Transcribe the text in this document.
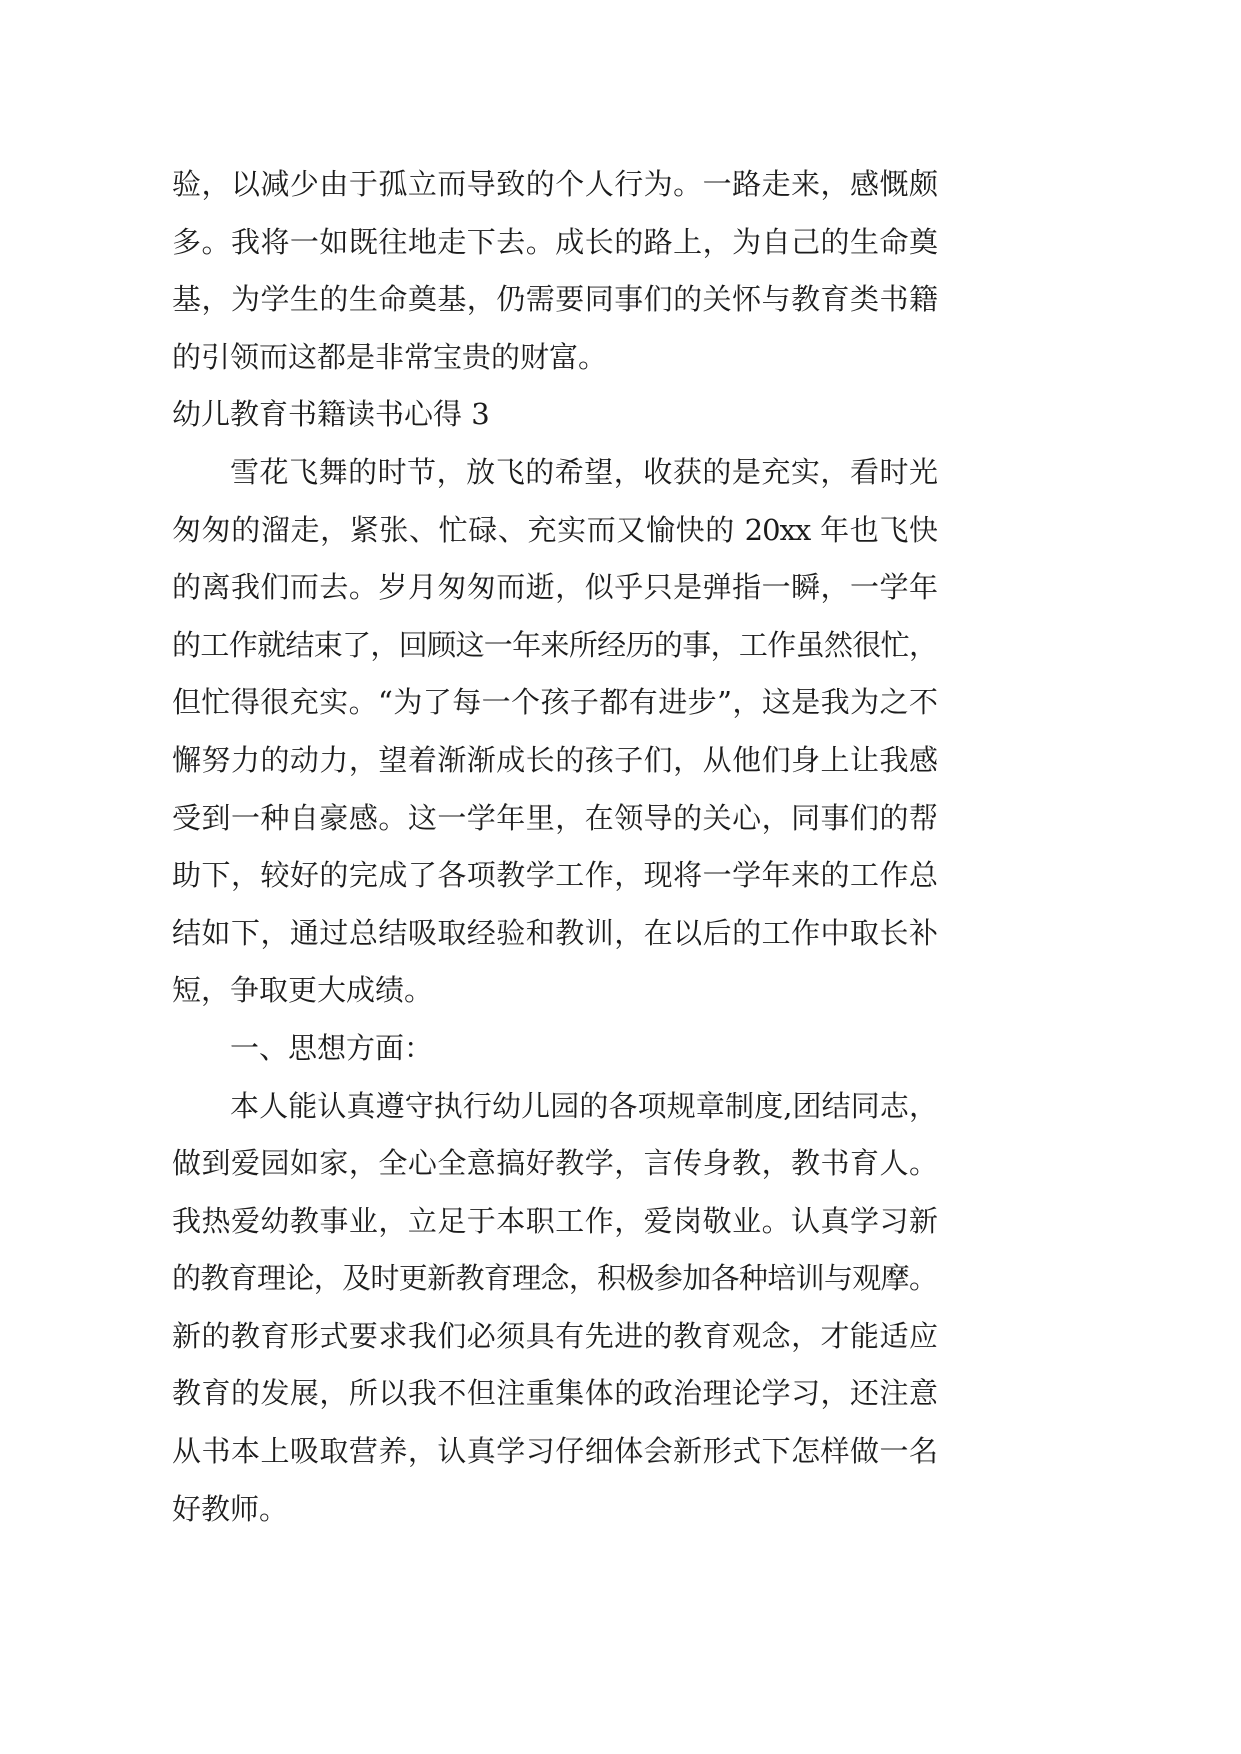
验，以减少由于孤立而导致的个人行为。一路走来，感慨颇
多。我将一如既往地走下去。成长的路上，为自己的生命奠
基，为学生的生命奠基，仍需要同事们的关怀与教育类书籍
的引领而这都是非常宝贵的财富。
幼儿教育书籍读书心得 3
雪花飞舞的时节，放飞的希望，收获的是充实，看时光
匆匆的溜走，紧张、忙碌、充实而又愉快的 20xx 年也飞快
的离我们而去。岁月匆匆而逝，似乎只是弹指一瞬，一学年
的工作就结束了，回顾这一年来所经历的事，工作虽然很忙，
但忙得很充实。“为了每一个孩子都有进步”，这是我为之不
懈努力的动力，望着渐渐成长的孩子们，从他们身上让我感
受到一种自豪感。这一学年里，在领导的关心，同事们的帮
助下，较好的完成了各项教学工作，现将一学年来的工作总
结如下，通过总结吸取经验和教训，在以后的工作中取长补
短，争取更大成绩。
一、思想方面：
本人能认真遵守执行幼儿园的各项规章制度,团结同志，
做到爱园如家，全心全意搞好教学，言传身教，教书育人。
我热爱幼教事业，立足于本职工作，爱岗敬业。认真学习新
的教育理论，及时更新教育理念，积极参加各种培训与观摩。
新的教育形式要求我们必须具有先进的教育观念，才能适应
教育的发展，所以我不但注重集体的政治理论学习，还注意
从书本上吸取营养，认真学习仔细体会新形式下怎样做一名
好教师。
